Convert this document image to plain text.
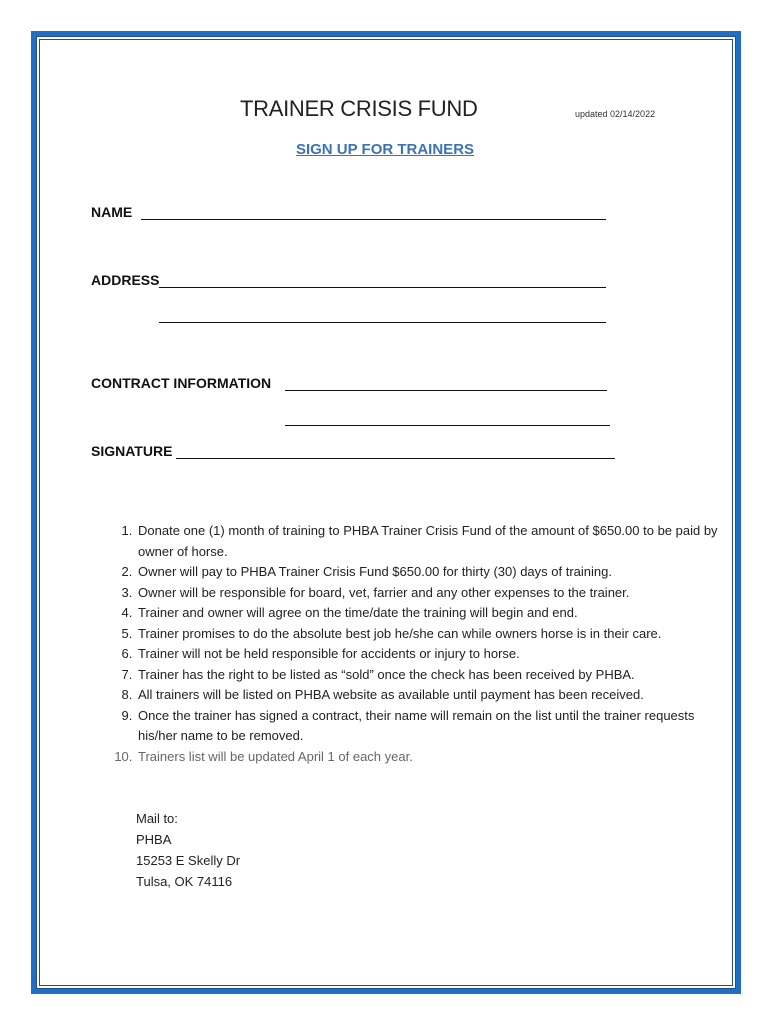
TRAINER CRISIS FUND	updated 02/14/2022
SIGN UP FOR TRAINERS
NAME
ADDRESS
CONTRACT INFORMATION
SIGNATURE
1. Donate one (1) month of training to PHBA Trainer Crisis Fund of the amount of $650.00 to be paid by owner of horse.
2. Owner will pay to PHBA Trainer Crisis Fund $650.00 for thirty (30) days of training.
3. Owner will be responsible for board, vet, farrier and any other expenses to the trainer.
4. Trainer and owner will agree on the time/date the training will begin and end.
5. Trainer promises to do the absolute best job he/she can while owners horse is in their care.
6. Trainer will not be held responsible for accidents or injury to horse.
7. Trainer has the right to be listed as “sold” once the check has been received by PHBA.
8. All trainers will be listed on PHBA website as available until payment has been received.
9. Once the trainer has signed a contract, their name will remain on the list until the trainer requests his/her name to be removed.
10. Trainers list will be updated April 1 of each year.
Mail to:
PHBA
15253 E Skelly Dr
Tulsa, OK 74116
